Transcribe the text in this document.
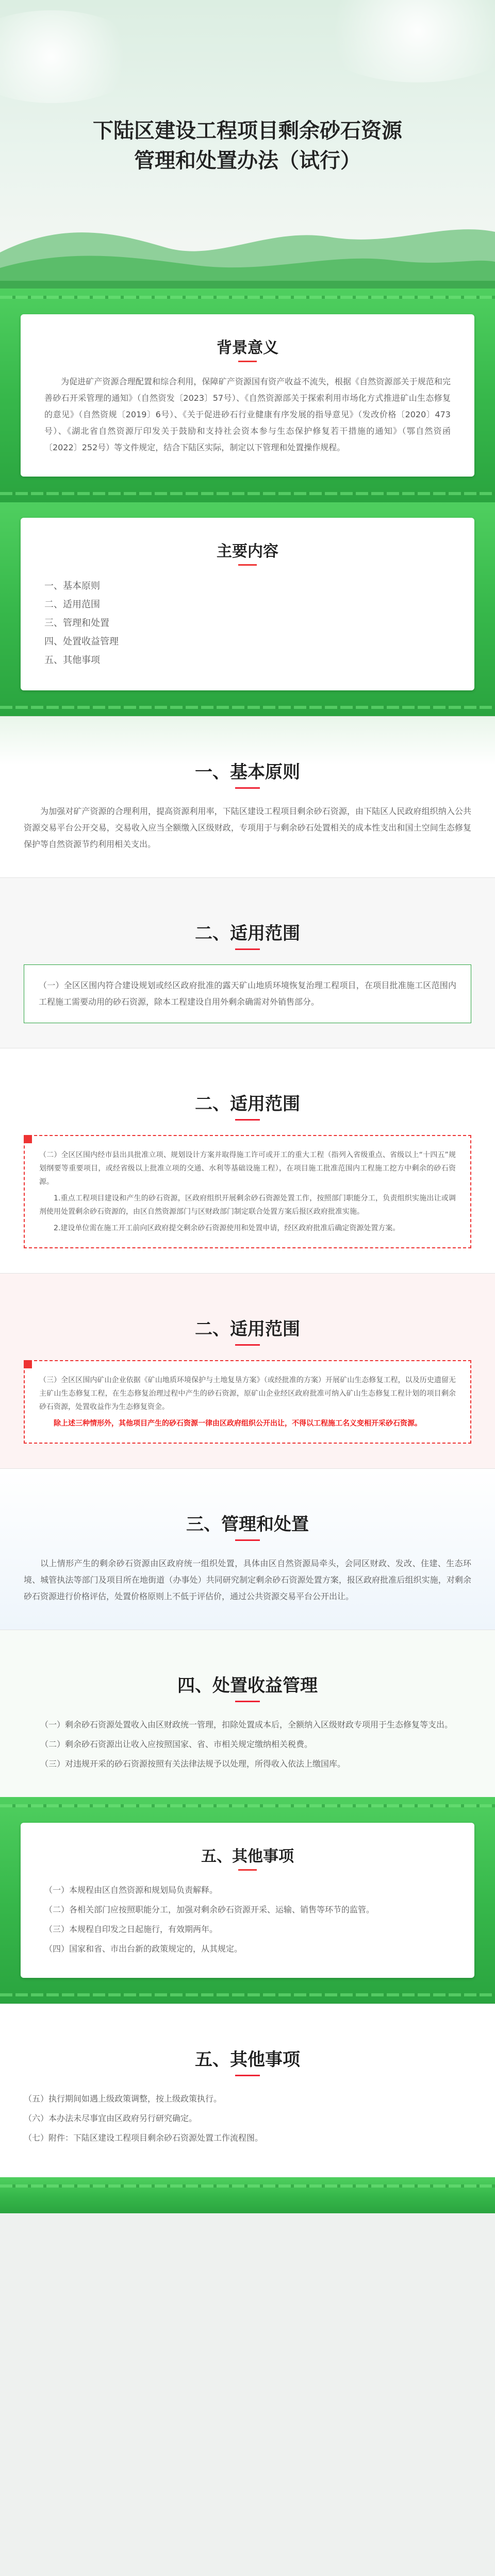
下陆区建设工程项目剩余砂石资源
管理和处置办法（试行）
背景意义

为促进矿产资源合理配置和综合利用，保障矿产资源国有资产收益不流失，根据《自然资源部关于规范和完善砂石开采管理的通知》（自然资发〔2023〕57号）、《自然资源部关于探索利用市场化方式推进矿山生态修复的意见》（自然资规〔2019〕6号）、《关于促进砂石行业健康有序发展的指导意见》（发改价格〔2020〕473号）、《湖北省自然资源厅印发关于鼓励和支持社会资本参与生态保护修复若干措施的通知》（鄂自然资函〔2022〕252号）等文件规定，结合下陆区实际，制定以下管理和处置操作规程。

主要内容

一、基本原则

二、适用范围

三、管理和处置

四、处置收益管理

五、其他事项

一、基本原则

为加强对矿产资源的合理利用，提高资源利用率，下陆区建设工程项目剩余砂石资源，由下陆区人民政府组织纳入公共资源交易平台公开交易，交易收入应当全额缴入区级财政，专项用于与剩余砂石处置相关的成本性支出和国土空间生态修复保护等自然资源节约利用相关支出。

二、适用范围

（一）全区区围内符合建设规划或经区政府批准的露天矿山地质环境恢复治理工程项目，在项目批准施工区范围内工程施工需要动用的砂石资源，除本工程建设自用外剩余确需对外销售部分。

二、适用范围

（二）全区区围内经市县出具批准立项、规划设计方案并取得施工许可或开工的重大工程（指列入省级重点、省级以上“十四五”规划纲要等重要项目，或经省级以上批准立项的交通、水利等基础设施工程），在项目施工批准范围内工程施工挖方中剩余的砂石资源。

1.重点工程项目建设和产生的砂石资源，区政府组织开展剩余砂石资源处置工作，按照部门职能分工，负责组织实施出让或调剂使用处置剩余砂石资源的，由区自然资源部门与区财政部门制定联合处置方案后报区政府批准实施。

2.建设单位需在施工开工前向区政府提交剩余砂石资源使用和处置申请，经区政府批准后确定资源处置方案。

二、适用范围

（三）全区区围内矿山企业依据《矿山地质环境保护与土地复垦方案》（或经批准的方案）开展矿山生态修复工程，以及历史遗留无主矿山生态修复工程，在生态修复治理过程中产生的砂石资源，原矿山企业经区政府批准可纳入矿山生态修复工程计划的项目剩余砂石资源，处置收益作为生态修复资金。

除上述三种情形外，其他项目产生的砂石资源一律由区政府组织公开出让，不得以工程施工名义变相开采砂石资源。

三、管理和处置

以上情形产生的剩余砂石资源由区政府统一组织处置，具体由区自然资源局牵头，会同区财政、发改、住建、生态环境、城管执法等部门及项目所在地街道（办事处）共同研究制定剩余砂石资源处置方案，报区政府批准后组织实施，对剩余砂石资源进行价格评估，处置价格原则上不低于评估价，通过公共资源交易平台公开出让。

四、处置收益管理

（一）剩余砂石资源处置收入由区财政统一管理，扣除处置成本后，全额纳入区级财政专项用于生态修复等支出。

（二）剩余砂石资源出让收入应按照国家、省、市相关规定缴纳相关税费。

（三）对违规开采的砂石资源按照有关法律法规予以处理，所得收入依法上缴国库。

五、其他事项

（一）本规程由区自然资源和规划局负责解释。

（二）各相关部门应按照职能分工，加强对剩余砂石资源开采、运输、销售等环节的监管。

（三）本规程自印发之日起施行，有效期两年。

（四）国家和省、市出台新的政策规定的，从其规定。

五、其他事项

（五）执行期间如遇上级政策调整，按上级政策执行。

（六）本办法未尽事宜由区政府另行研究确定。

（七）附件：下陆区建设工程项目剩余砂石资源处置工作流程图。
